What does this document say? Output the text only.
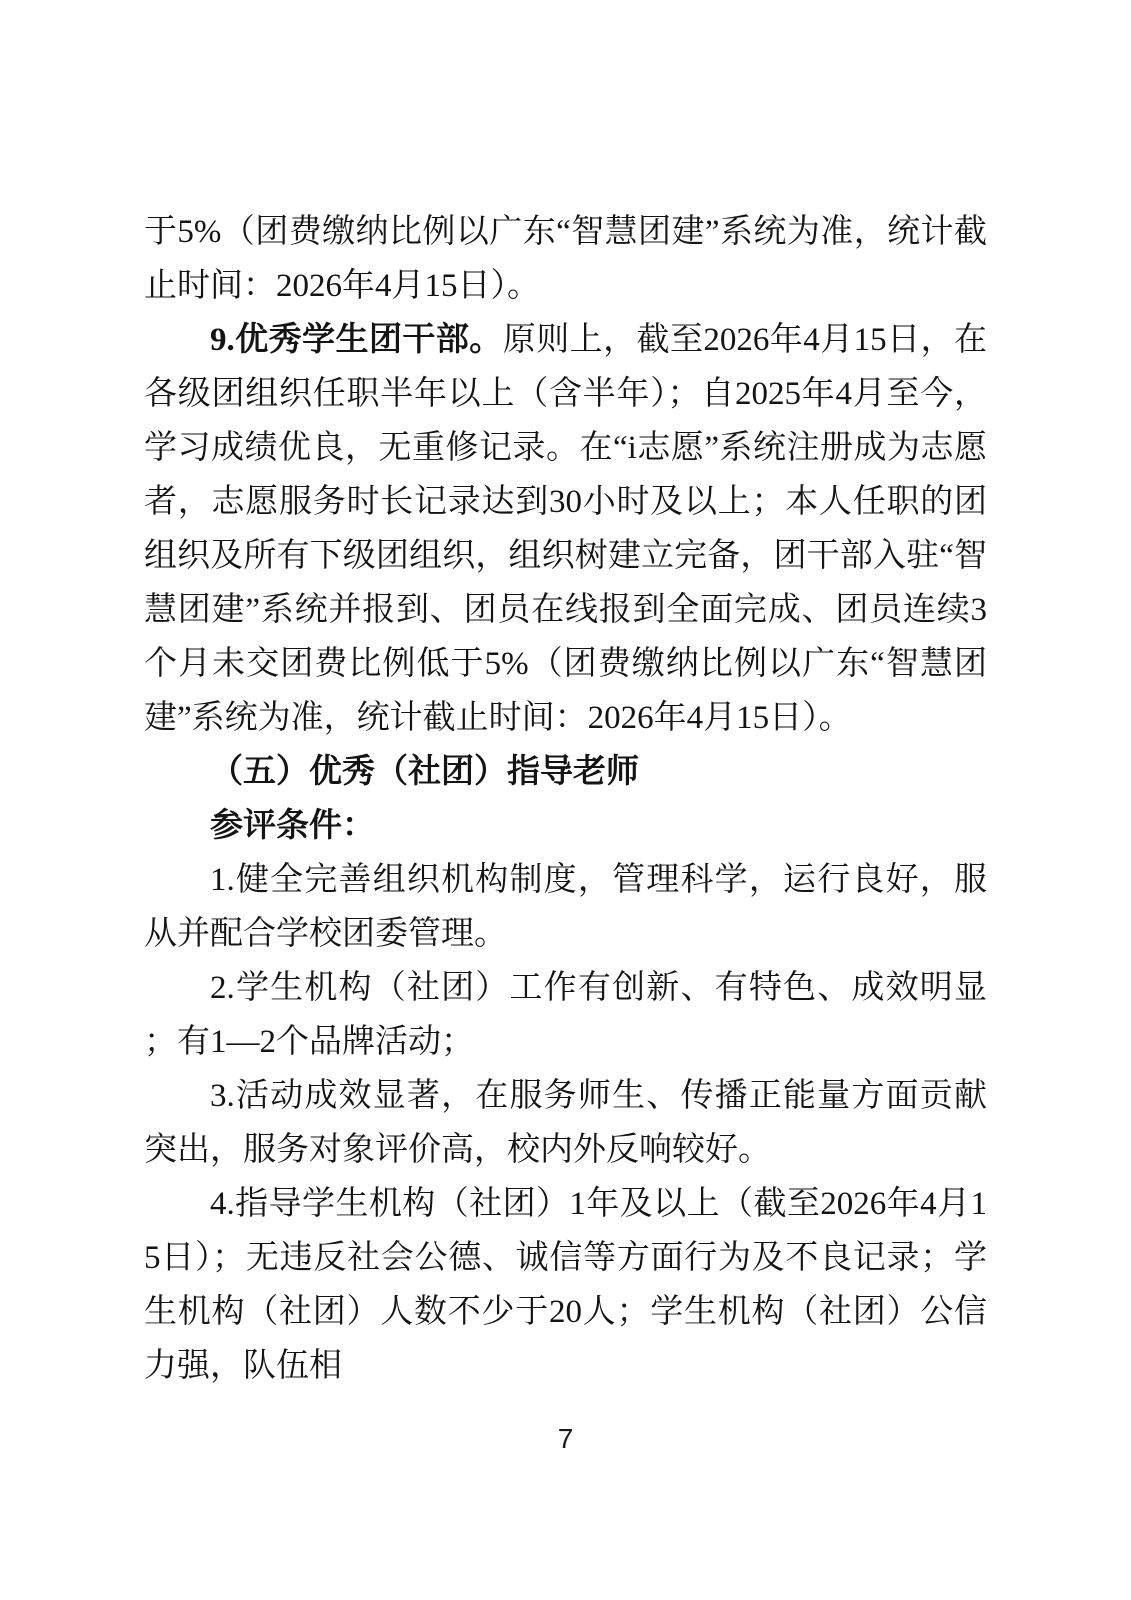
于5%（团费缴纳比例以广东“智慧团建”系统为准，统计截止时间：2026年4月15日）。

9.优秀学生团干部。原则上，截至2026年4月15日，在各级团组织任职半年以上（含半年）；自2025年4月至今，学习成绩优良，无重修记录。在“i志愿”系统注册成为志愿者，志愿服务时长记录达到30小时及以上；本人任职的团组织及所有下级团组织，组织树建立完备，团干部入驻“智慧团建”系统并报到、团员在线报到全面完成、团员连续3个月未交团费比例低于5%（团费缴纳比例以广东“智慧团建”系统为准，统计截止时间：2026年4月15日）。

（五）优秀（社团）指导老师

参评条件：

1.健全完善组织机构制度，管理科学，运行良好，服从并配合学校团委管理。

2.学生机构（社团）工作有创新、有特色、成效明显；有1—2个品牌活动；

3.活动成效显著，在服务师生、传播正能量方面贡献突出，服务对象评价高，校内外反响较好。

4.指导学生机构（社团）1年及以上（截至2026年4月15日）；无违反社会公德、诚信等方面行为及不良记录；学生机构（社团）人数不少于20人；学生机构（社团）公信力强，队伍相

7
